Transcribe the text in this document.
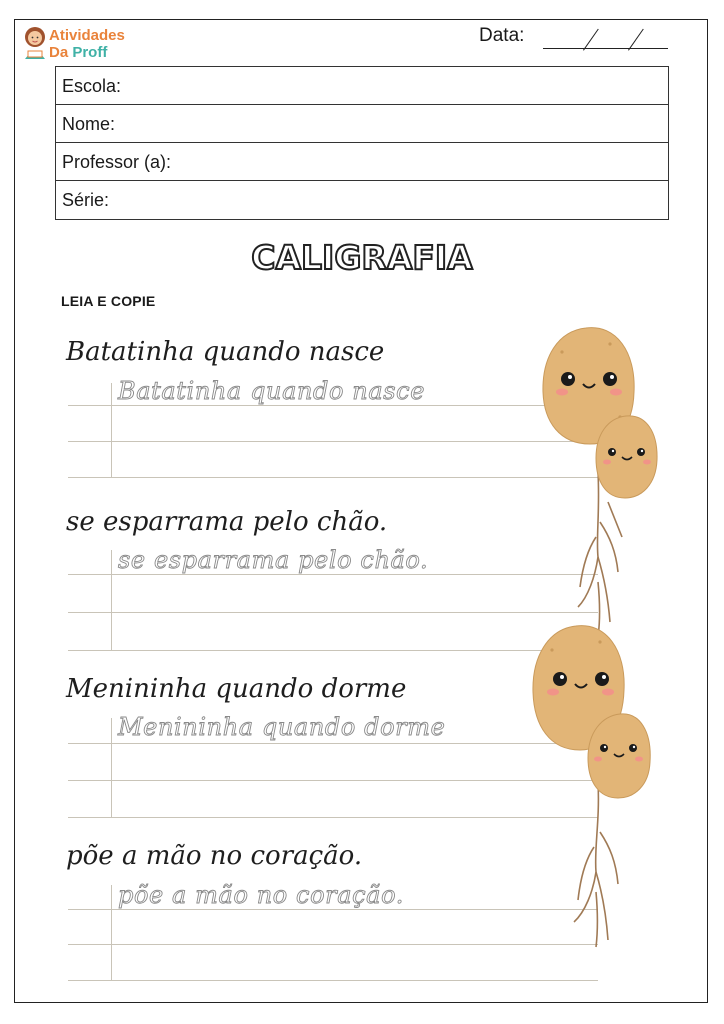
Atividades
Da Proff
Data:
Escola:
Nome:
Professor (a):
Série:
CALIGRAFIA
LEIA E COPIE
Batatinha quando nasce
Batatinha quando nasce
se esparrama pelo chão.
se esparrama pelo chão.
Menininha quando dorme
Menininha quando dorme
põe a mão no coração.
põe a mão no coração.
